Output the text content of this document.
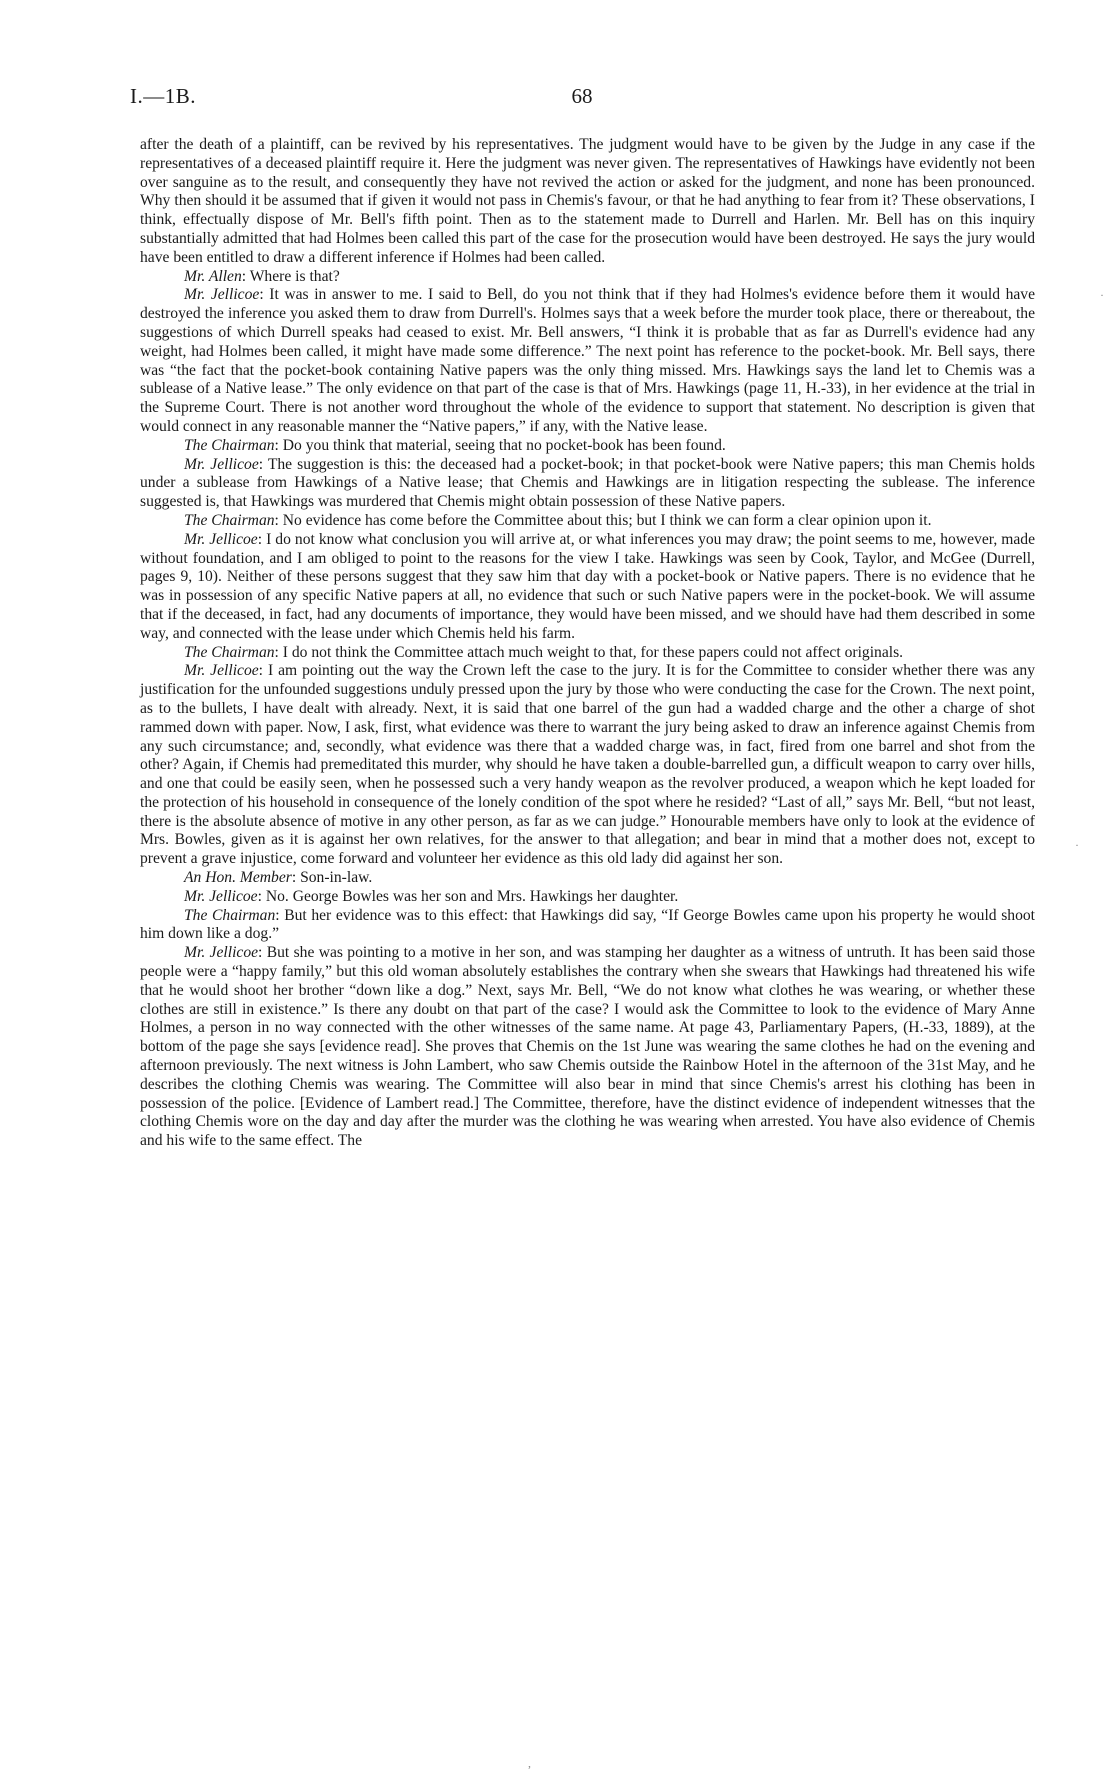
I.—1B.	68

after the death of a plaintiff, can be revived by his representatives. The judgment would have to be given by the Judge in any case if the representatives of a deceased plaintiff require it. Here the judgment was never given. The representatives of Hawkings have evidently not been over sanguine as to the result, and consequently they have not revived the action or asked for the judgment, and none has been pronounced. Why then should it be assumed that if given it would not pass in Chemis's favour, or that he had anything to fear from it? These observations, I think, effectually dispose of Mr. Bell's fifth point. Then as to the statement made to Durrell and Harlen. Mr. Bell has on this inquiry substantially admitted that had Holmes been called this part of the case for the prosecution would have been destroyed. He says the jury would have been entitled to draw a different inference if Holmes had been called.

Mr. Allen: Where is that?

Mr. Jellicoe: It was in answer to me. I said to Bell, do you not think that if they had Holmes's evidence before them it would have destroyed the inference you asked them to draw from Durrell's. Holmes says that a week before the murder took place, there or thereabout, the suggestions of which Durrell speaks had ceased to exist. Mr. Bell answers, “I think it is probable that as far as Durrell's evidence had any weight, had Holmes been called, it might have made some difference.” The next point has reference to the pocket-book. Mr. Bell says, there was “the fact that the pocket-book containing Native papers was the only thing missed. Mrs. Hawkings says the land let to Chemis was a sublease of a Native lease.” The only evidence on that part of the case is that of Mrs. Hawkings (page 11, H.-33), in her evidence at the trial in the Supreme Court. There is not another word throughout the whole of the evidence to support that statement. No description is given that would connect in any reasonable manner the “Native papers,” if any, with the Native lease.

The Chairman: Do you think that material, seeing that no pocket-book has been found.

Mr. Jellicoe: The suggestion is this: the deceased had a pocket-book; in that pocket-book were Native papers; this man Chemis holds under a sublease from Hawkings of a Native lease; that Chemis and Hawkings are in litigation respecting the sublease. The inference suggested is, that Hawkings was murdered that Chemis might obtain possession of these Native papers.

The Chairman: No evidence has come before the Committee about this; but I think we can form a clear opinion upon it.

Mr. Jellicoe: I do not know what conclusion you will arrive at, or what inferences you may draw; the point seems to me, however, made without foundation, and I am obliged to point to the reasons for the view I take. Hawkings was seen by Cook, Taylor, and McGee (Durrell, pages 9, 10). Neither of these persons suggest that they saw him that day with a pocket-book or Native papers. There is no evidence that he was in possession of any specific Native papers at all, no evidence that such or such Native papers were in the pocket-book. We will assume that if the deceased, in fact, had any documents of importance, they would have been missed, and we should have had them described in some way, and connected with the lease under which Chemis held his farm.

The Chairman: I do not think the Committee attach much weight to that, for these papers could not affect originals.

Mr. Jellicoe: I am pointing out the way the Crown left the case to the jury. It is for the Committee to consider whether there was any justification for the unfounded suggestions unduly pressed upon the jury by those who were conducting the case for the Crown. The next point, as to the bullets, I have dealt with already. Next, it is said that one barrel of the gun had a wadded charge and the other a charge of shot rammed down with paper. Now, I ask, first, what evidence was there to warrant the jury being asked to draw an inference against Chemis from any such circumstance; and, secondly, what evidence was there that a wadded charge was, in fact, fired from one barrel and shot from the other? Again, if Chemis had premeditated this murder, why should he have taken a double-barrelled gun, a difficult weapon to carry over hills, and one that could be easily seen, when he possessed such a very handy weapon as the revolver produced, a weapon which he kept loaded for the protection of his household in consequence of the lonely condition of the spot where he resided? “Last of all,” says Mr. Bell, “but not least, there is the absolute absence of motive in any other person, as far as we can judge.” Honourable members have only to look at the evidence of Mrs. Bowles, given as it is against her own relatives, for the answer to that allegation; and bear in mind that a mother does not, except to prevent a grave injustice, come forward and volunteer her evidence as this old lady did against her son.

An Hon. Member: Son-in-law.

Mr. Jellicoe: No. George Bowles was her son and Mrs. Hawkings her daughter.

The Chairman: But her evidence was to this effect: that Hawkings did say, “If George Bowles came upon his property he would shoot him down like a dog.”

Mr. Jellicoe: But she was pointing to a motive in her son, and was stamping her daughter as a witness of untruth. It has been said those people were a “happy family,” but this old woman absolutely establishes the contrary when she swears that Hawkings had threatened his wife that he would shoot her brother “down like a dog.” Next, says Mr. Bell, “We do not know what clothes he was wearing, or whether these clothes are still in existence.” Is there any doubt on that part of the case? I would ask the Committee to look to the evidence of Mary Anne Holmes, a person in no way connected with the other witnesses of the same name. At page 43, Parliamentary Papers, (H.-33, 1889), at the bottom of the page she says [evidence read]. She proves that Chemis on the 1st June was wearing the same clothes he had on the evening and afternoon previously. The next witness is John Lambert, who saw Chemis outside the Rainbow Hotel in the afternoon of the 31st May, and he describes the clothing Chemis was wearing. The Committee will also bear in mind that since Chemis's arrest his clothing has been in possession of the police. [Evidence of Lambert read.] The Committee, therefore, have the distinct evidence of independent witnesses that the clothing Chemis wore on the day and day after the murder was the clothing he was wearing when arrested. You have also evidence of Chemis and his wife to the same effect. The

·
·
,
